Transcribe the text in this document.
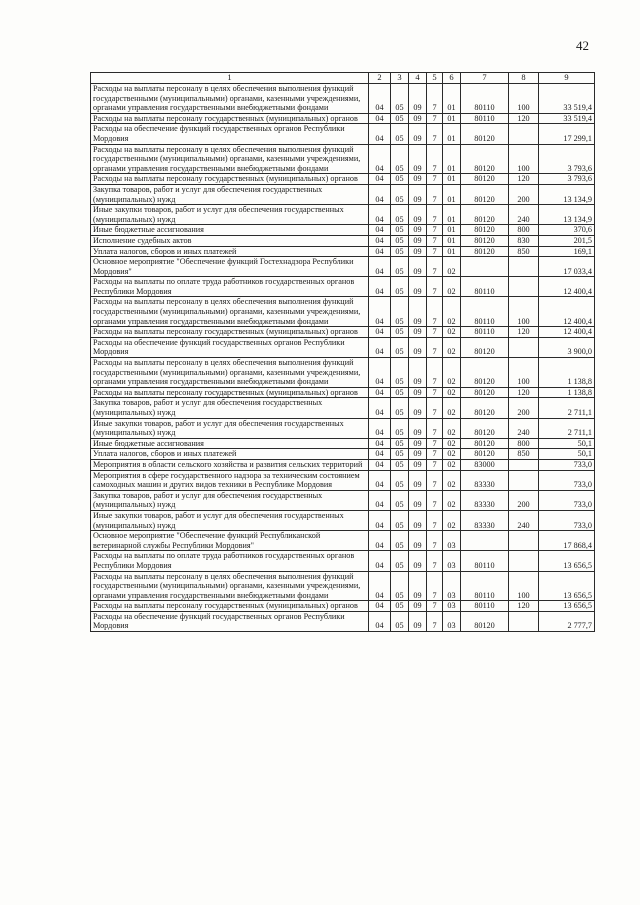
42
1	2	3	4	5	6	7	8	9
Расходы на выплаты персоналу в целях обеспечения выполнения функций государственными (муниципальными) органами, казенными учреждениями, органами управления государственными внебюджетными фондами	04	05	09	7	01	80110	100	33 519,4
Расходы на выплаты персоналу государственных (муниципальных) органов	04	05	09	7	01	80110	120	33 519,4
Расходы на обеспечение функций государственных органов Республики Мордовия	04	05	09	7	01	80120		17 299,1
Расходы на выплаты персоналу в целях обеспечения выполнения функций государственными (муниципальными) органами, казенными учреждениями, органами управления государственными внебюджетными фондами	04	05	09	7	01	80120	100	3 793,6
Расходы на выплаты персоналу государственных (муниципальных) органов	04	05	09	7	01	80120	120	3 793,6
Закупка товаров, работ и услуг для обеспечения государственных (муниципальных) нужд	04	05	09	7	01	80120	200	13 134,9
Иные закупки товаров, работ и услуг для обеспечения государственных (муниципальных) нужд	04	05	09	7	01	80120	240	13 134,9
Иные бюджетные ассигнования	04	05	09	7	01	80120	800	370,6
Исполнение судебных актов	04	05	09	7	01	80120	830	201,5
Уплата налогов, сборов и иных платежей	04	05	09	7	01	80120	850	169,1
Основное мероприятие "Обеспечение функций Гостехнадзора Республики Мордовия"	04	05	09	7	02			17 033,4
Расходы на выплаты по оплате труда работников государственных органов Республики Мордовия	04	05	09	7	02	80110		12 400,4
Расходы на выплаты персоналу в целях обеспечения выполнения функций государственными (муниципальными) органами, казенными учреждениями, органами управления государственными внебюджетными фондами	04	05	09	7	02	80110	100	12 400,4
Расходы на выплаты персоналу государственных (муниципальных) органов	04	05	09	7	02	80110	120	12 400,4
Расходы на обеспечение функций государственных органов Республики Мордовия	04	05	09	7	02	80120		3 900,0
Расходы на выплаты персоналу в целях обеспечения выполнения функций государственными (муниципальными) органами, казенными учреждениями, органами управления государственными внебюджетными фондами	04	05	09	7	02	80120	100	1 138,8
Расходы на выплаты персоналу государственных (муниципальных) органов	04	05	09	7	02	80120	120	1 138,8
Закупка товаров, работ и услуг для обеспечения государственных (муниципальных) нужд	04	05	09	7	02	80120	200	2 711,1
Иные закупки товаров, работ и услуг для обеспечения государственных (муниципальных) нужд	04	05	09	7	02	80120	240	2 711,1
Иные бюджетные ассигнования	04	05	09	7	02	80120	800	50,1
Уплата налогов, сборов и иных платежей	04	05	09	7	02	80120	850	50,1
Мероприятия в области сельского хозяйства и развития сельских территорий	04	05	09	7	02	83000		733,0
Мероприятия в сфере государственного надзора за техническим состоянием самоходных машин и других видов техники в Республике Мордовия	04	05	09	7	02	83330		733,0
Закупка товаров, работ и услуг для обеспечения государственных (муниципальных) нужд	04	05	09	7	02	83330	200	733,0
Иные закупки товаров, работ и услуг для обеспечения государственных (муниципальных) нужд	04	05	09	7	02	83330	240	733,0
Основное мероприятие "Обеспечение функций Республиканской ветеринарной службы Республики Мордовия"	04	05	09	7	03			17 868,4
Расходы на выплаты по оплате труда работников государственных органов Республики Мордовия	04	05	09	7	03	80110		13 656,5
Расходы на выплаты персоналу в целях обеспечения выполнения функций государственными (муниципальными) органами, казенными учреждениями, органами управления государственными внебюджетными фондами	04	05	09	7	03	80110	100	13 656,5
Расходы на выплаты персоналу государственных (муниципальных) органов	04	05	09	7	03	80110	120	13 656,5
Расходы на обеспечение функций государственных органов Республики Мордовия	04	05	09	7	03	80120		2 777,7
